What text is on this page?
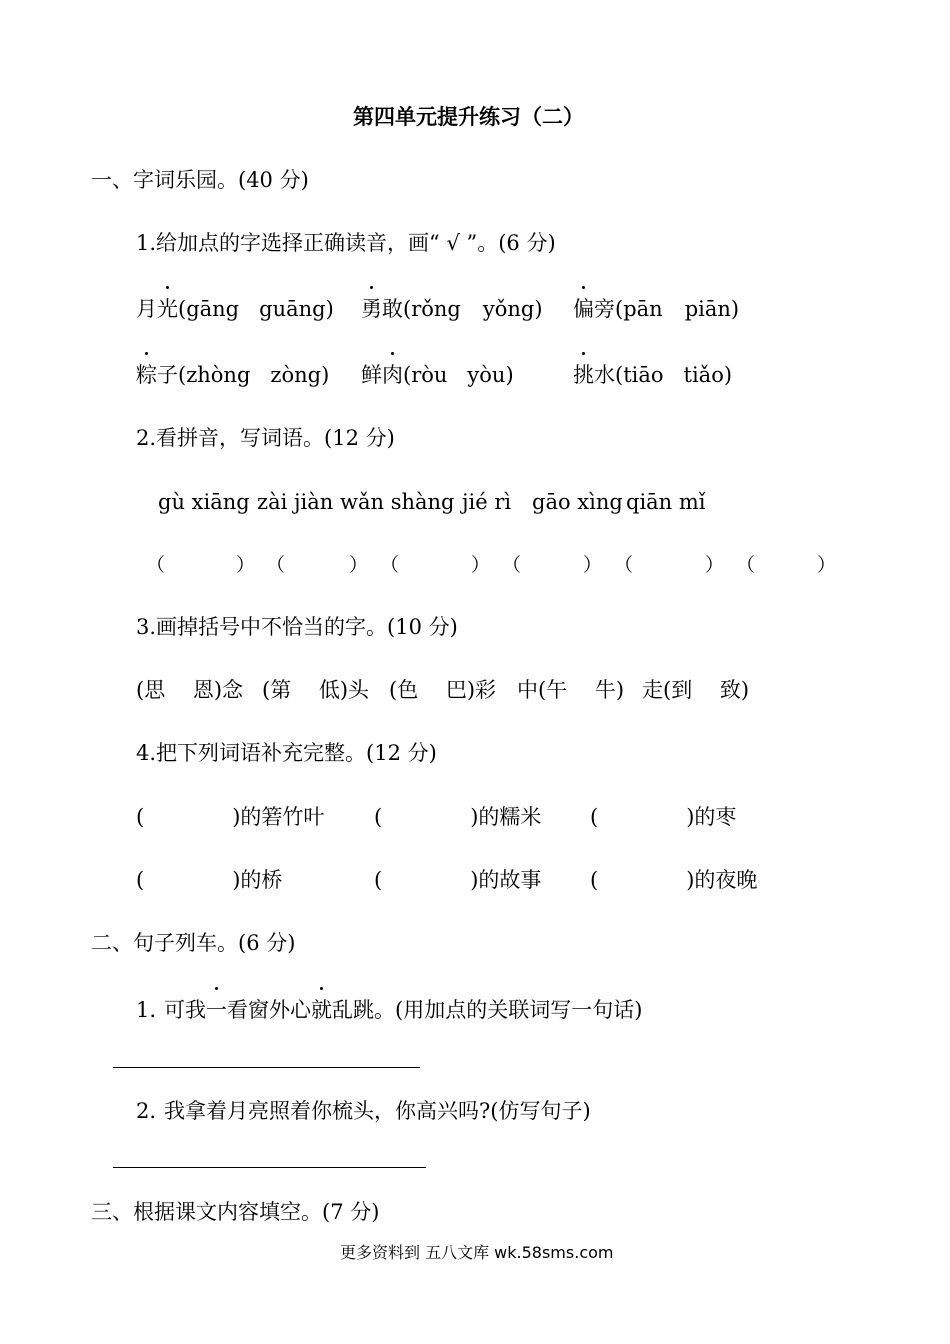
第四单元提升练习（二）
一、字词乐园。(40 分)
1.给加点的字选择正确读音，画“ √ ”。(6 分)
月光(gāng guāng) 勇敢(rǒng yǒng) 偏旁(pān piān)
粽子(zhòng zòng) 鲜肉(ròu yòu)	挑水(tiāo tiǎo)
2.看拼音，写词语。(12 分)
gù xiāng zài jiàn wǎn shàng jié rì gāo xìng qiān mǐ
（	） （	） （	） （	） （	） （	）
3.画掉括号中不恰当的字。(10 分)
(思　 恩)念 (第　 低)头 (色　 巴)彩 中(午　 牛) 走(到　 致)
4.把下列词语补充完整。(12 分)
(	)的箬竹叶 (	)的糯米 (	)的枣
(	)的桥	(	)的故事 (	)的夜晚
二、句子列车。(6 分)
1. 可我一看窗外心就乱跳。(用加点的关联词写一句话)
2. 我拿着月亮照着你梳头，你高兴吗?(仿写句子)
三、根据课文内容填空。(7 分)
更多资料到 五八文库 wk.58sms.com
